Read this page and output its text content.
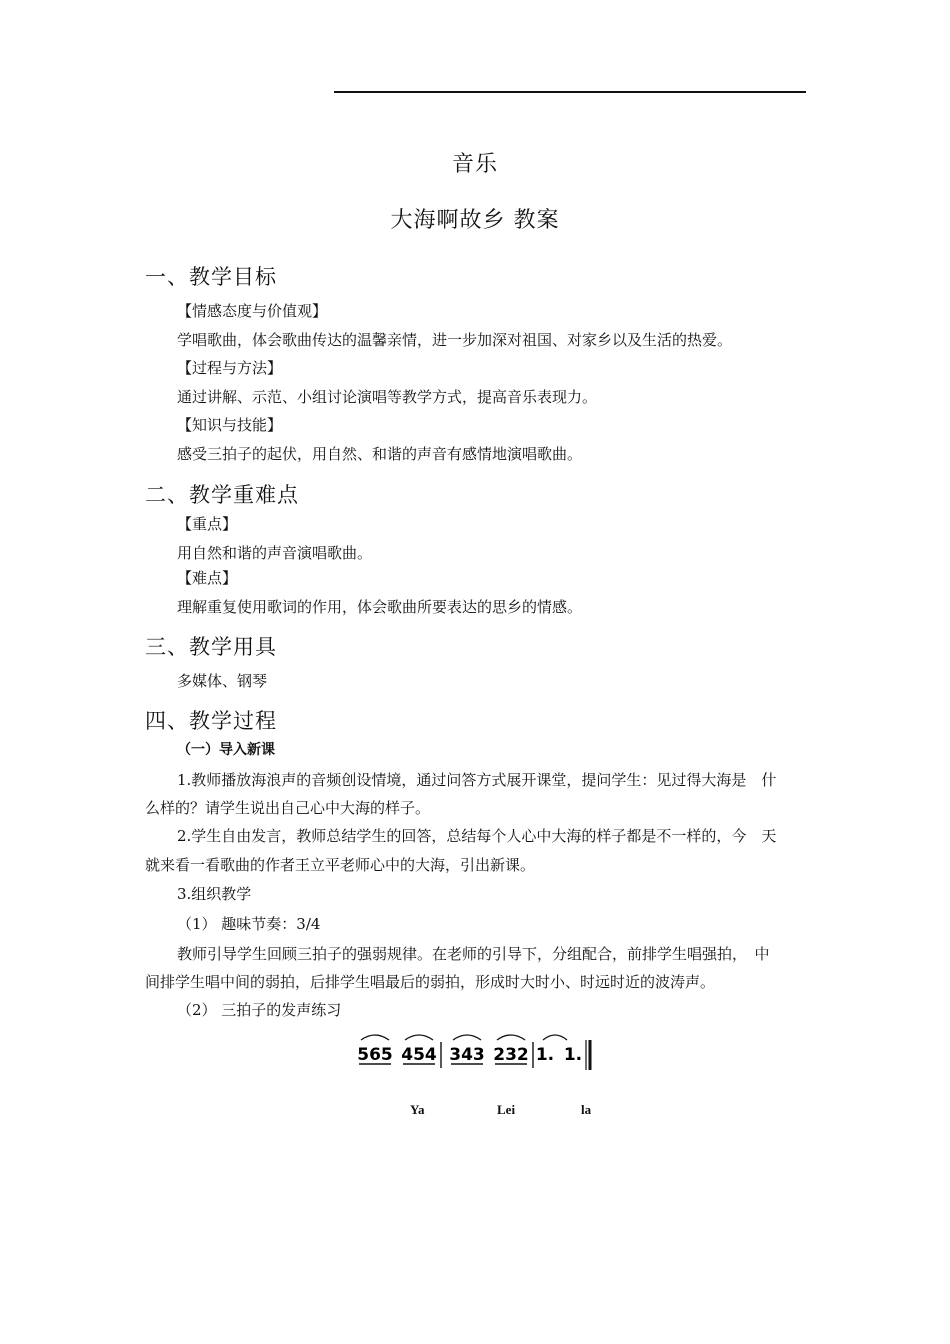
音乐
大海啊故乡 教案
一、教学目标
【情感态度与价值观】
学唱歌曲，体会歌曲传达的温馨亲情，进一步加深对祖国、对家乡以及生活的热爱。
【过程与方法】
通过讲解、示范、小组讨论演唱等教学方式，提高音乐表现力。
【知识与技能】
感受三拍子的起伏，用自然、和谐的声音有感情地演唱歌曲。
二、教学重难点
【重点】
用自然和谐的声音演唱歌曲。
【难点】
理解重复使用歌词的作用，体会歌曲所要表达的思乡的情感。
三、教学用具
多媒体、钢琴
四、教学过程
（一）导入新课
1.教师播放海浪声的音频创设情境，通过问答方式展开课堂，提问学生：见过得大海是　什
么样的？请学生说出自己心中大海的样子。
2.学生自由发言，教师总结学生的回答，总结每个人心中大海的样子都是不一样的，今　天
就来看一看歌曲的作者王立平老师心中的大海，引出新课。
3.组织教学
（1） 趣味节奏：3/4
教师引导学生回顾三拍子的强弱规律。在老师的引导下，分组配合，前排学生唱强拍，　中
间排学生唱中间的弱拍，后排学生唱最后的弱拍，形成时大时小、时远时近的波涛声。
（2） 三拍子的发声练习
565 454 343 232 1. 1.
Ya	Lei	la
